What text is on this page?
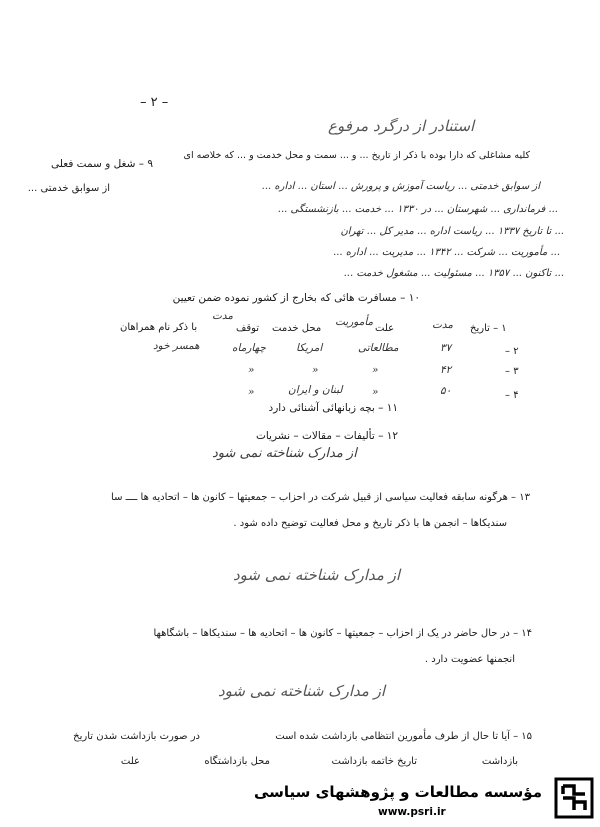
– ۲ –
استنادر از درگرد مرفوع
۹ – شغل و سمت فعلی
کلیه مشاغلی که دارا بوده با ذکر از تاریخ ... و ... سمت و محل خدمت و ... که خلاصه ای
از سوابق خدمتی ...	از سوابق خدمتی ... ریاست آموزش و پرورش ... استان ... اداره ...
... فرمانداری ... شهرستان ... در ۱۳۳۰ ... خدمت ... بازنشستگی ...
... تا تاریخ ۱۳۳۷ ... ریاست اداره ... مدیر کل ... تهران
... مأموریت ... شرکت ... ۱۳۴۲ ... مدیریت ... اداره ...
... تاکنون ... ۱۳۵۷ ... مسئولیت ... مشغول خدمت ...
۱۰ – مسافرت هائی که بخارج از کشور نموده ضمن تعیین
۱ – تاریخ
مدت
علت
مأموریت
محل خدمت
توقف
مدت
با ذکر نام همراهان
۲ –
۳۷
مطالعاتی
امریکا
چهارماه
همسر خود
۳ –
۴۲
«
«
«
۴ –
۵۰
«
لبنان و ایران
«
۱۱ – بچه زبانهائی آشنائی دارد
۱۲ – تألیفات – مقالات – نشریات
از مدارک شناخته نمی شود
۱۳ – هرگونه سابقه فعالیت سیاسی از قبیل شرکت در احزاب – جمعیتها – کانون ها – اتحادیه ها ــــ سا
سندیکاها – انجمن ها با ذکر تاریخ و محل فعالیت توضیح داده شود .
از مدارک شناخته نمی شود
۱۴ – در حال حاضر در یک از احزاب – جمعیتها – کانون ها – اتحادیه ها – سندیکاها – باشگاهها
انجمنها عضویت دارد .
از مدارک شناخته نمی شود
۱۵ – آیا تا حال از طرف مأمورین انتظامی بازداشت شده است
در صورت بازداشت شدن تاریخ
بازداشت
تاریخ خاتمه بازداشت
محل بازداشتگاه
علت
مؤسسه مطالعات و پژوهشهای سیاسی
www.psri.ir
